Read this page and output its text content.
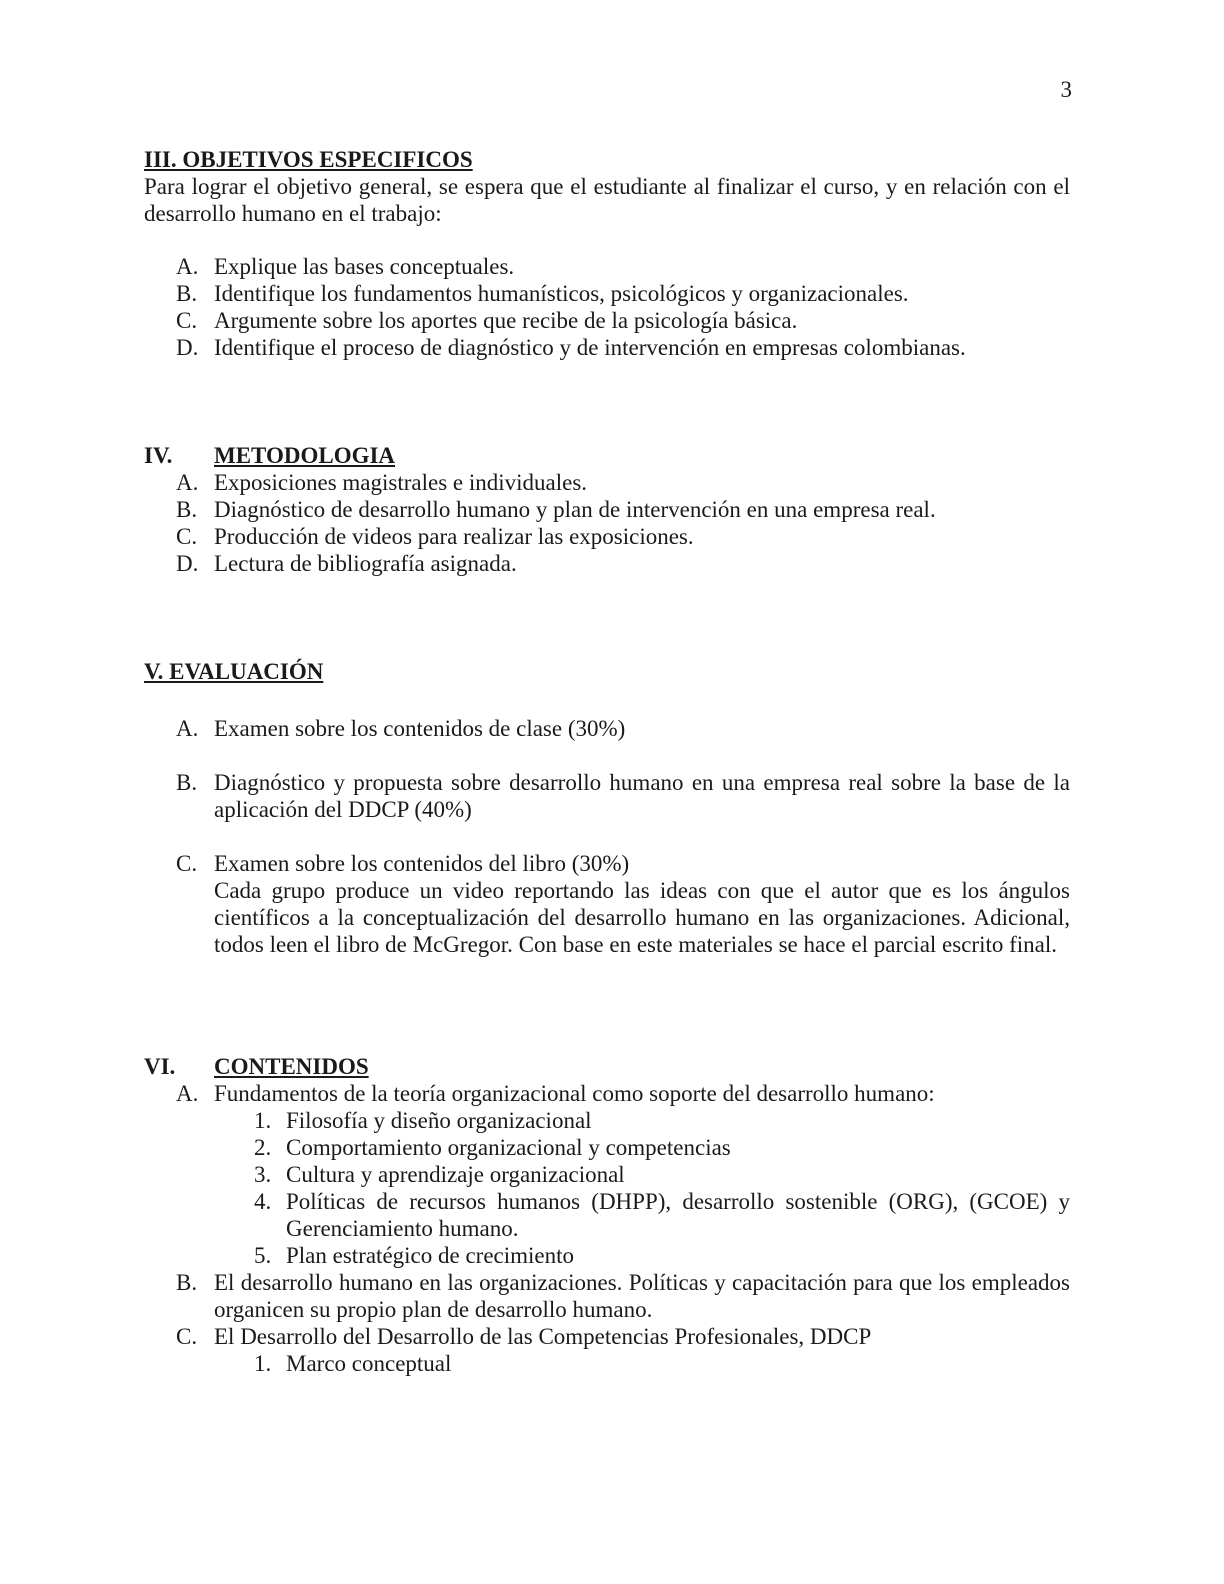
3
III. OBJETIVOS ESPECIFICOS
Para lograr el objetivo general, se espera que el estudiante al finalizar el curso, y en relación con el desarrollo humano en el trabajo:
A. Explique las bases conceptuales.
B. Identifique los fundamentos humanísticos, psicológicos y organizacionales.
C. Argumente sobre los aportes que recibe de la psicología básica.
D. Identifique el proceso de diagnóstico y de intervención en empresas colombianas.
IV. METODOLOGIA
A. Exposiciones magistrales e individuales.
B. Diagnóstico de desarrollo humano y plan de intervención en una empresa real.
C. Producción de videos para realizar las exposiciones.
D. Lectura de bibliografía asignada.
V. EVALUACIÓN
A. Examen sobre los contenidos de clase (30%)
B. Diagnóstico y propuesta sobre desarrollo humano en una empresa real sobre la base de la aplicación del DDCP (40%)
C. Examen sobre los contenidos del libro (30%)
Cada grupo produce un video reportando las ideas con que el autor que es los ángulos científicos a la conceptualización del desarrollo humano en las organizaciones. Adicional, todos leen el libro de McGregor. Con base en este materiales se hace el parcial escrito final.
VI. CONTENIDOS
A. Fundamentos de la teoría organizacional como soporte del desarrollo humano:
1. Filosofía y diseño organizacional
2. Comportamiento organizacional y competencias
3. Cultura y aprendizaje organizacional
4. Políticas de recursos humanos (DHPP), desarrollo sostenible (ORG), (GCOE) y Gerenciamiento humano.
5. Plan estratégico de crecimiento
B. El desarrollo humano en las organizaciones. Políticas y capacitación para que los empleados organicen su propio plan de desarrollo humano.
C. El Desarrollo del Desarrollo de las Competencias Profesionales, DDCP
1. Marco conceptual
